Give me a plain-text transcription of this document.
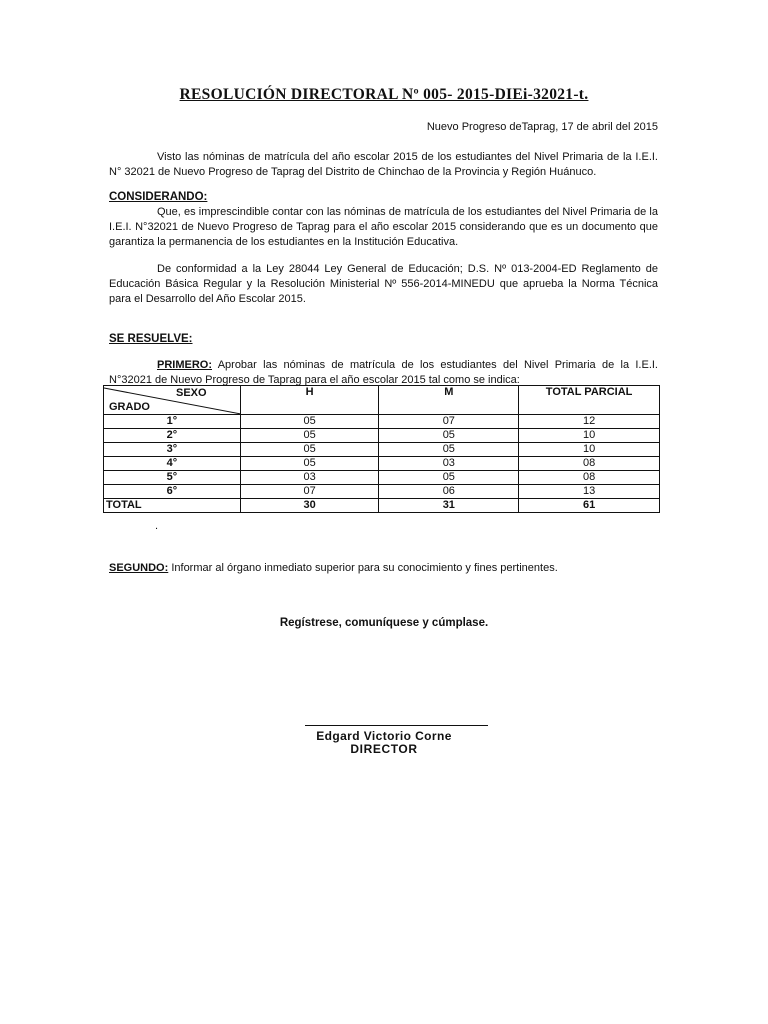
RESOLUCIÓN DIRECTORAL Nº 005- 2015-DIEi-32021-t.
Nuevo Progreso deTaprag, 17 de abril del 2015
Visto las nóminas de matrícula del año escolar 2015 de los estudiantes del Nivel Primaria de la I.E.I. N° 32021 de Nuevo Progreso de Taprag del Distrito de Chinchao de la Provincia y Región Huánuco.
CONSIDERANDO:
Que, es imprescindible contar con las nóminas de matrícula de los estudiantes del Nivel Primaria de la I.E.I. N°32021 de Nuevo Progreso de Taprag para el año escolar 2015 considerando que es un documento que garantiza la permanencia de los estudiantes en la Institución Educativa.
De conformidad a la Ley 28044 Ley General de Educación; D.S. Nº 013-2004-ED Reglamento de Educación Básica Regular y la Resolución Ministerial Nº 556-2014-MINEDU que aprueba la Norma Técnica para el Desarrollo del Año Escolar 2015.
SE RESUELVE:
PRIMERO: Aprobar las nóminas de matrícula de los estudiantes del Nivel Primaria de la I.E.I. N°32021 de Nuevo Progreso de Taprag para el año escolar 2015 tal como se indica:
SEXO
GRADO	H	M	TOTAL PARCIAL
1°	05	07	12
2°	05	05	10
3°	05	05	10
4°	05	03	08
5°	03	05	08
6°	07	06	13
TOTAL	30	31	61
.
SEGUNDO: Informar al órgano inmediato superior para su conocimiento y fines pertinentes.
Regístrese, comuníquese y cúmplase.
Edgard Victorio Corne
DIRECTOR
